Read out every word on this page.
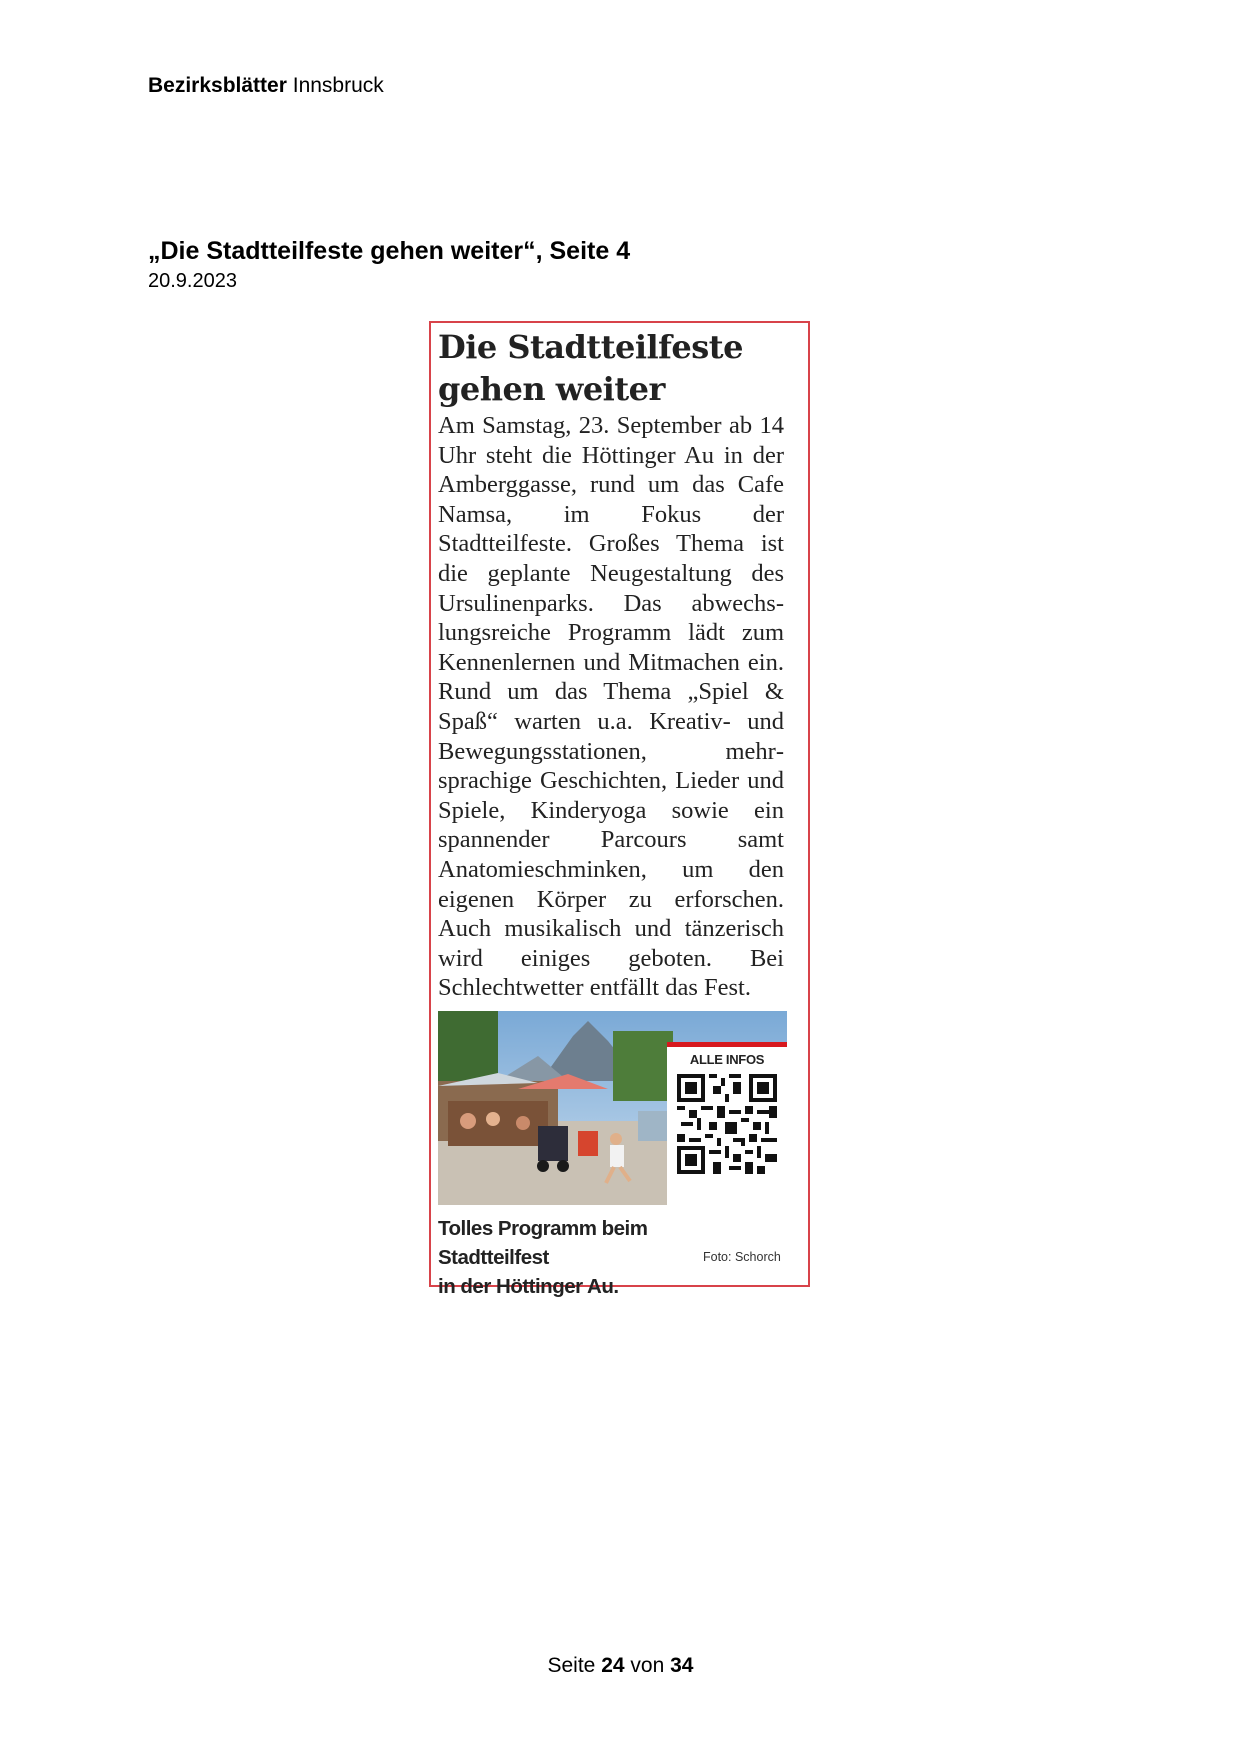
Bezirksblätter Innsbruck
„Die Stadtteilfeste gehen weiter“, Seite 4
20.9.2023
Die Stadtteilfeste
gehen weiter
Am Samstag, 23. September ab 14 Uhr steht die Höttinger Au in der Amberggasse, rund um das Cafe Namsa, im Fokus der Stadtteilfeste. Großes Thema ist die geplante Neugestaltung des Ursulinenparks. Das abwechslungsreiche Programm lädt zum Kennenlernen und Mitmachen ein. Rund um das Thema „Spiel & Spaß“ warten u.a. Kreativ- und Bewegungsstationen, mehrsprachige Geschichten, Lieder und Spiele, Kinderyoga sowie ein spannender Parcours samt Anatomieschminken, um den eigenen Körper zu erforschen. Auch musikalisch und tänzerisch wird einiges geboten. Bei Schlechtwetter entfällt das Fest.
ALLE INFOS
Tolles Programm beim Stadtteilfest
in der Höttinger Au.
Foto: Schorch
Seite 24 von 34
